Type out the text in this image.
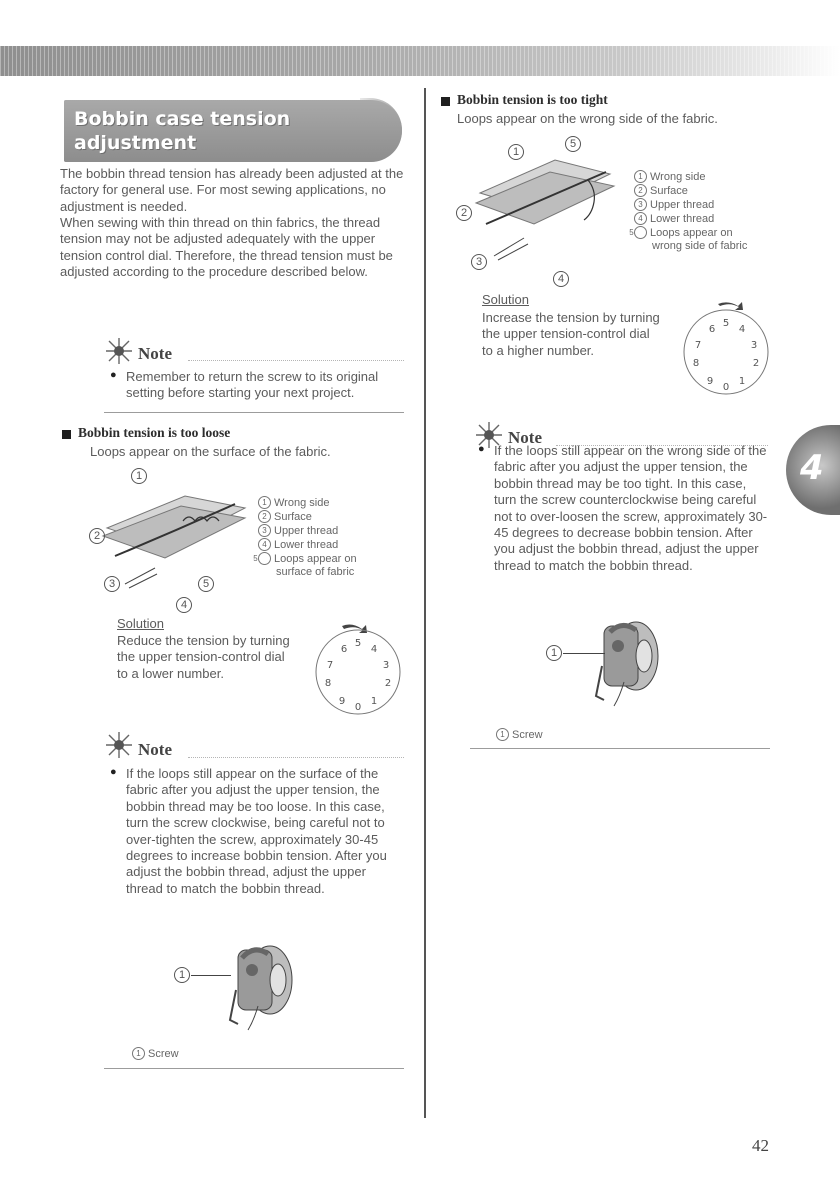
Bobbin case tension
adjustment
The bobbin thread tension has already been adjusted at the factory for general use. For most sewing applications, no adjustment is needed.
When sewing with thin thread on thin fabrics, the thread tension may not be adjusted adequately with the upper tension control dial. Therefore, the thread tension must be adjusted according to the procedure described below.
Note
● Remember to return the screw to its original setting before starting your next project.
Bobbin tension is too loose
Loops appear on the surface of the fabric.
1
2
3
4
5
1 Wrong side
2 Surface
3 Upper thread
4 Lower thread
5 Loops appear on surface of fabric
Solution
Reduce the tension by turning the upper tension-control dial to a lower number.
6
5
4
3
2
1
0
9
8
7
Note
● If the loops still appear on the surface of the fabric after you adjust the upper tension, the bobbin thread may be too loose. In this case, turn the screw clockwise, being careful not to over-tighten the screw, approximately 30-45 degrees to increase bobbin tension. After you adjust the bobbin thread, adjust the upper thread to match the bobbin thread.
1
1 Screw
Bobbin tension is too tight
Loops appear on the wrong side of the fabric.
1
5
2
3
4
1 Wrong side
2 Surface
3 Upper thread
4 Lower thread
5 Loops appear on wrong side of fabric
Solution
Increase the tension by turning the upper tension-control dial to a higher number.
6
5
4
3
2
1
0
9
8
7
Note
● If the loops still appear on the wrong side of the fabric after you adjust the upper tension, the bobbin thread may be too tight. In this case, turn the screw counterclockwise being careful not to over-loosen the screw, approximately 30-45 degrees to decrease bobbin tension. After you adjust the bobbin thread, adjust the upper thread to match the bobbin thread.
1
1 Screw
4
42
